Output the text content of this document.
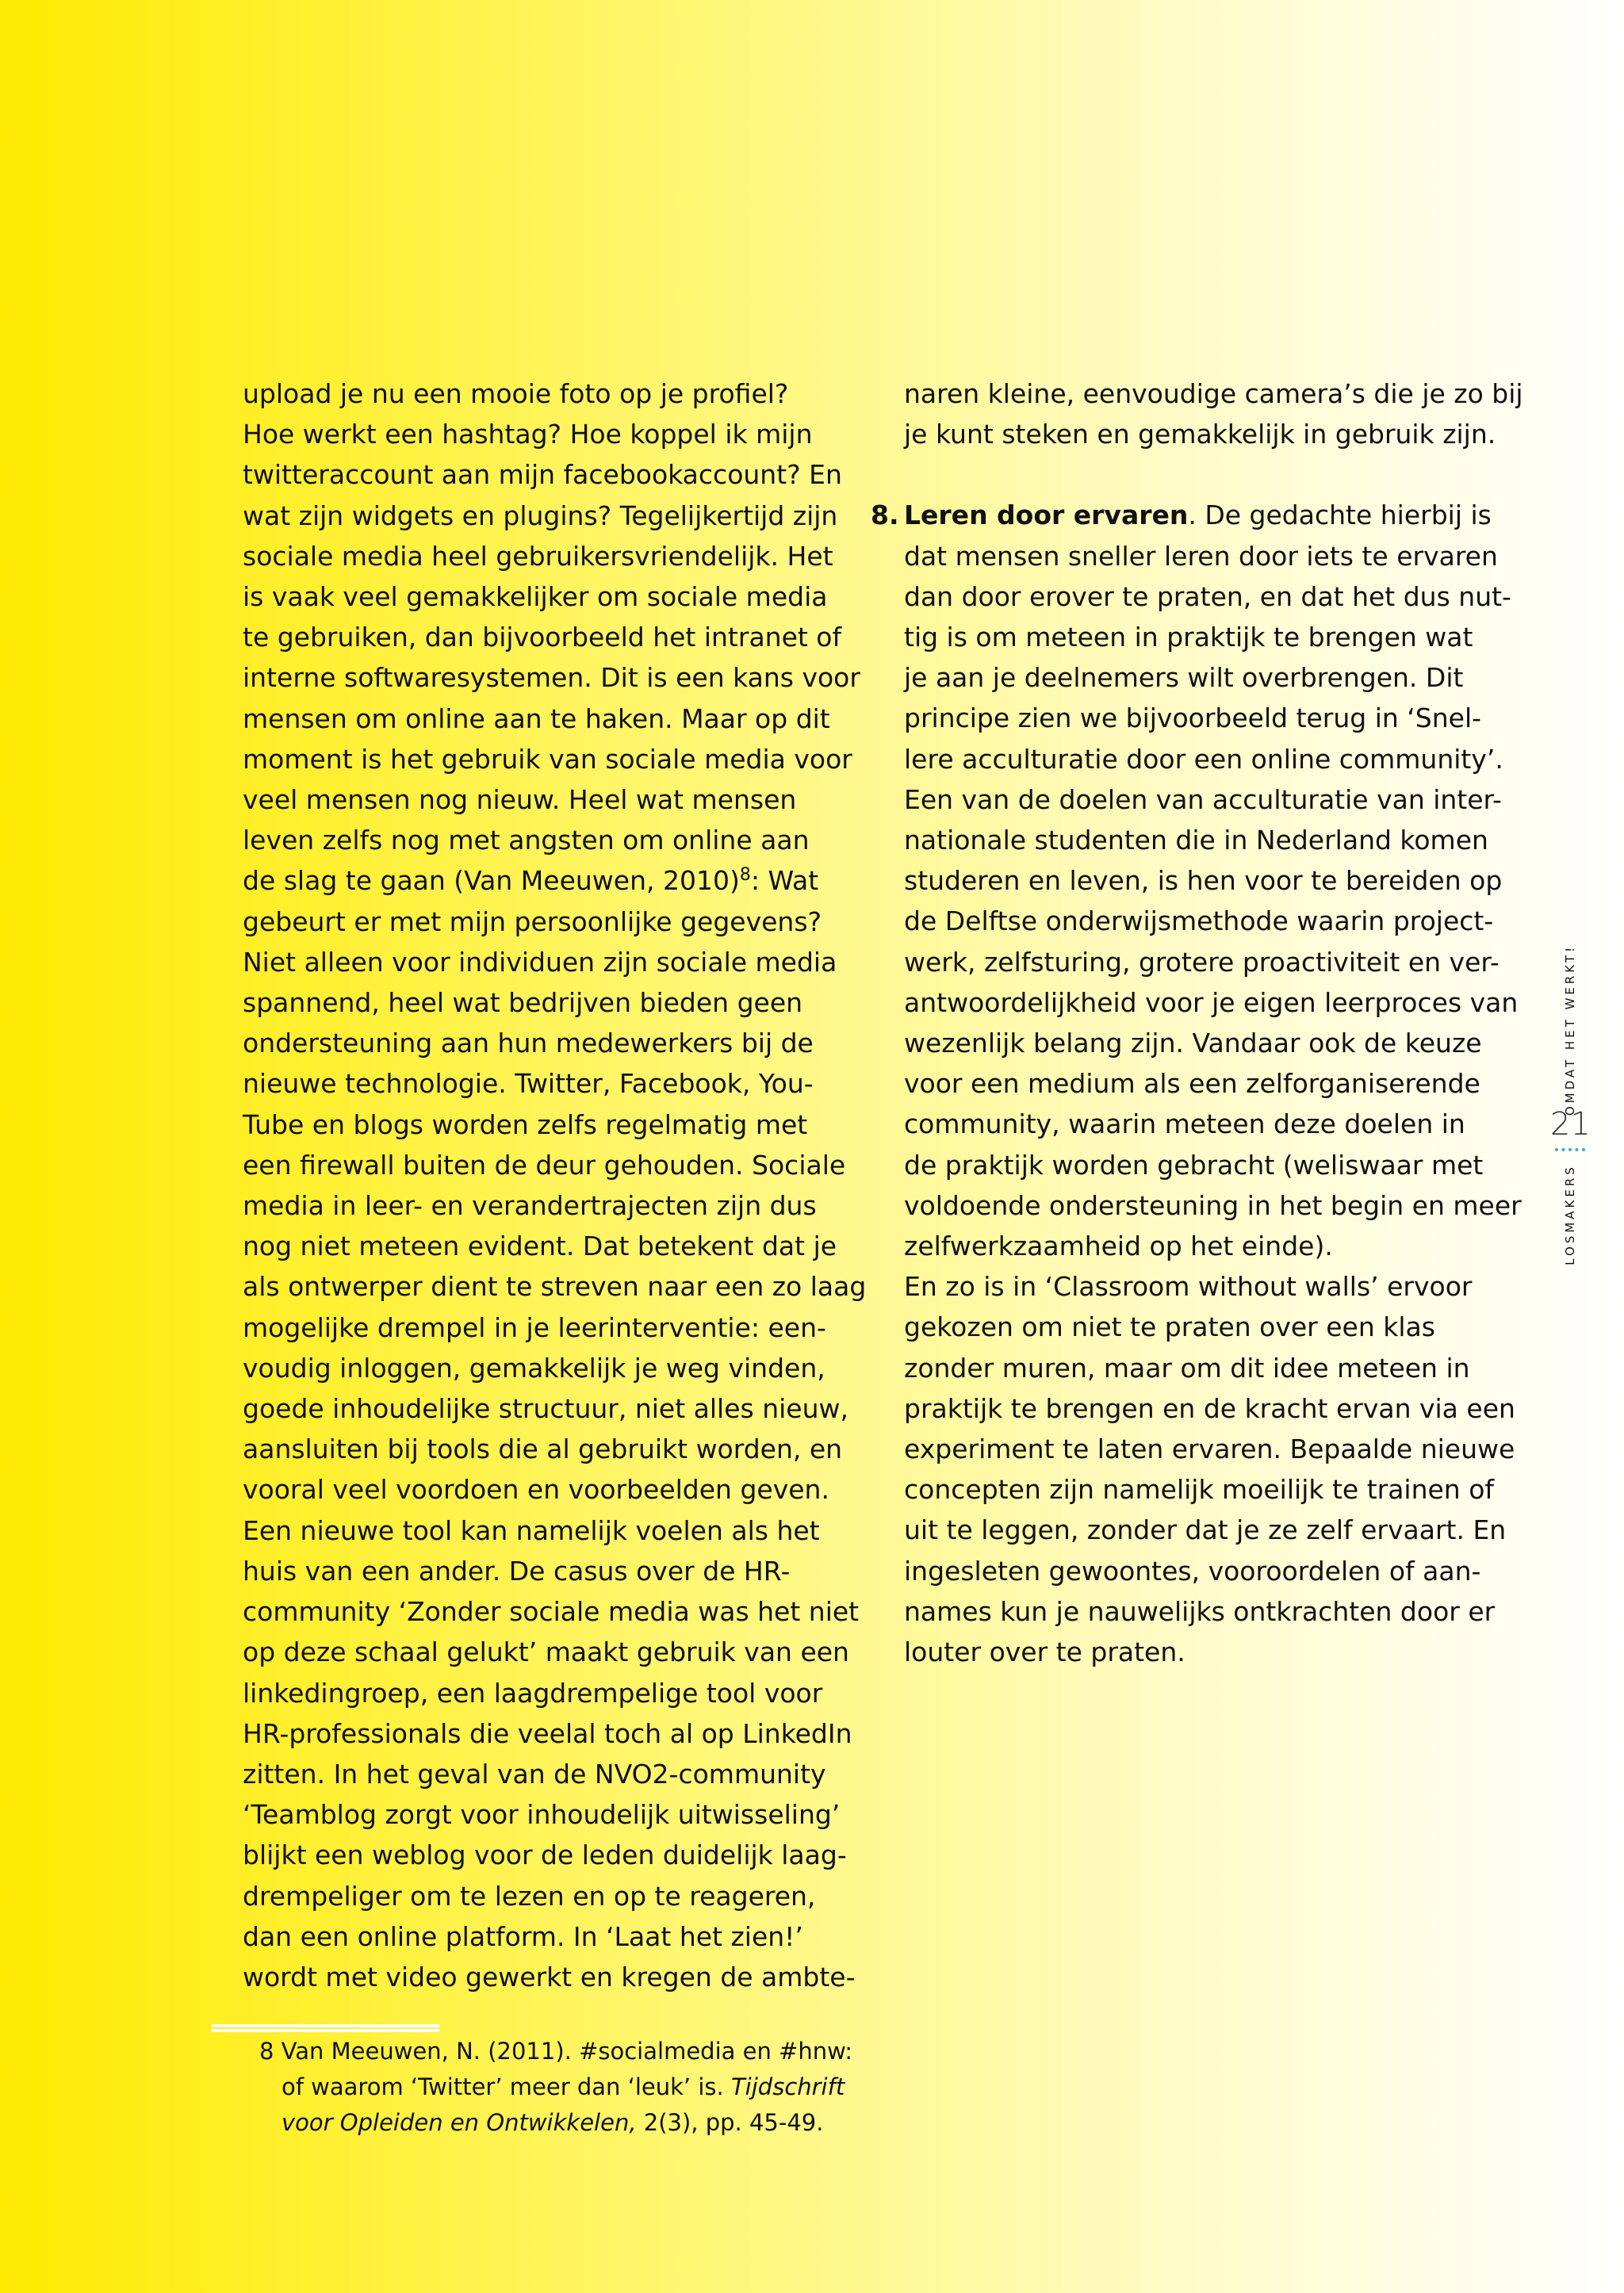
upload je nu een mooie foto op je profiel?
Hoe werkt een hashtag? Hoe koppel ik mijn
twitteraccount aan mijn facebookaccount? En
wat zijn widgets en plugins? Tegelijkertijd zijn
sociale media heel gebruikersvriendelijk. Het
is vaak veel gemakkelijker om sociale media
te gebruiken, dan bijvoorbeeld het intranet of
interne softwaresystemen. Dit is een kans voor
mensen om online aan te haken. Maar op dit
moment is het gebruik van sociale media voor
veel mensen nog nieuw. Heel wat mensen
leven zelfs nog met angsten om online aan
de slag te gaan (Van Meeuwen, 2010)$^8$: Wat
gebeurt er met mijn persoonlijke gegevens?
Niet alleen voor individuen zijn sociale media
spannend, heel wat bedrijven bieden geen
ondersteuning aan hun medewerkers bij de
nieuwe technologie. Twitter, Facebook, You-
Tube en blogs worden zelfs regelmatig met
een firewall buiten de deur gehouden. Sociale
media in leer- en verandertrajecten zijn dus
nog niet meteen evident. Dat betekent dat je
als ontwerper dient te streven naar een zo laag
mogelijke drempel in je leerinterventie: een-
voudig inloggen, gemakkelijk je weg vinden,
goede inhoudelijke structuur, niet alles nieuw,
aansluiten bij tools die al gebruikt worden, en
vooral veel voordoen en voorbeelden geven.
Een nieuwe tool kan namelijk voelen als het
huis van een ander. De casus over de HR-
community ‘Zonder sociale media was het niet
op deze schaal gelukt’ maakt gebruik van een
linkedingroep, een laagdrempelige tool voor
HR-professionals die veelal toch al op LinkedIn
zitten. In het geval van de NVO2-community
‘Teamblog zorgt voor inhoudelijk uitwisseling’
blijkt een weblog voor de leden duidelijk laag-
drempeliger om te lezen en op te reageren,
dan een online platform. In ‘Laat het zien!’
wordt met video gewerkt en kregen de ambte-
naren kleine, eenvoudige camera’s die je zo bij
je kunt steken en gemakkelijk in gebruik zijn.
8. Leren door ervaren. De gedachte hierbij is
dat mensen sneller leren door iets te ervaren
dan door erover te praten, en dat het dus nut-
tig is om meteen in praktijk te brengen wat
je aan je deelnemers wilt overbrengen. Dit
principe zien we bijvoorbeeld terug in ‘Snel-
lere acculturatie door een online community’.
Een van de doelen van acculturatie van inter-
nationale studenten die in Nederland komen
studeren en leven, is hen voor te bereiden op
de Delftse onderwijsmethode waarin project-
werk, zelfsturing, grotere proactiviteit en ver-
antwoordelijkheid voor je eigen leerproces van
wezenlijk belang zijn. Vandaar ook de keuze
voor een medium als een zelforganiserende
community, waarin meteen deze doelen in
de praktijk worden gebracht (weliswaar met
voldoende ondersteuning in het begin en meer
zelfwerkzaamheid op het einde).
En zo is in ‘Classroom without walls’ ervoor
gekozen om niet te praten over een klas
zonder muren, maar om dit idee meteen in
praktijk te brengen en de kracht ervan via een
experiment te laten ervaren. Bepaalde nieuwe
concepten zijn namelijk moeilijk te trainen of
uit te leggen, zonder dat je ze zelf ervaart. En
ingesleten gewoontes, vooroordelen of aan-
names kun je nauwelijks ontkrachten door er
louter over te praten.
8 Van Meeuwen, N. (2011). #socialmedia en #hnw:
of waarom ‘Twitter’ meer dan ‘leuk’ is. Tijdschrift
voor Opleiden en Ontwikkelen, 2(3), pp. 45-49.
OMDAT HET WERKT!
21
LOSMAKERS
